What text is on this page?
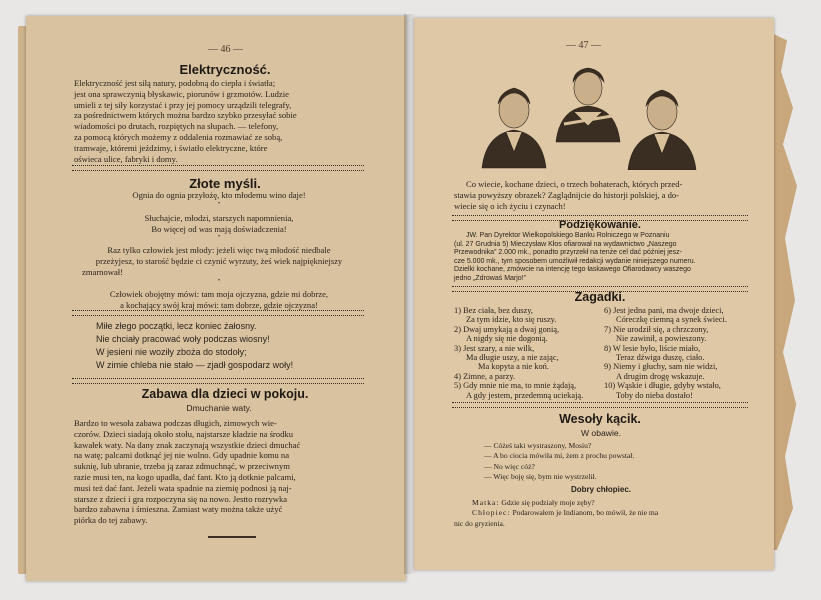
— 46 —
Elektryczność.
Elektryczność jest siłą natury, podobną do ciepła i światła;
jest ona sprawczynią błyskawic, piorunów i grzmotów. Ludzie
umieli z tej siły korzystać i przy jej pomocy urządzili telegrafy,
za pośrednictwem których można bardzo szybko przesyłać sobie
wiadomości po drutach, rozpiętych na słupach. — telefony,
za pomocą których możemy z oddalenia rozmawiać ze sobą,
tramwaje, któremi jeździmy, i światło elektryczne, które
oświeca ulice, fabryki i domy.
Złote myśli.
Ognia do ognia przyłożę, kto młodemu wino daje!
•
Słuchajcie, młodzi, starszych napomnienia,
Bo więcej od was mają doświadczenia!
•
Raz tylko człowiek jest młody: jeżeli więc twą młodość niedbale
przeżyjesz, to starość będzie ci czynić wyrzuty, żeś wiek najpiękniejszy
zmarnował!
•
Człowiek obojętny mówi: tam moja ojczyzna, gdzie mi dobrze,
a kochający swój kraj mówi: tam dobrze, gdzie ojczyzna!
Miłe złego początki, lecz koniec żałosny.
Nie chciały pracować woły podczas wiosny!
W jesieni nie woziły zboża do stodoły;
W zimie chleba nie stało — zjadł gospodarz woły!
Zabawa dla dzieci w pokoju.
Dmuchanie waty.
Bardzo to wesoła zabawa podczas długich, zimowych wie-
czorów. Dzieci siadają około stołu, najstarsze kładzie na środku
kawałek waty. Na dany znak zaczynają wszystkie dzieci dmuchać
na watę; palcami dotknąć jej nie wolno. Gdy upadnie komu na
suknię, lub ubranie, trzeba ją zaraz zdmuchnąć, w przeciwnym
razie musi ten, na kogo upadła, dać fant. Kto ją dotknie palcami,
musi też dać fant. Jeżeli wata spadnie na ziemię podnosi ją naj-
starsze z dzieci i gra rozpoczyna się na nowo. Jestto rozrywka
bardzo zabawna i śmieszna. Zamiast waty można także użyć
piórka do tej zabawy.
— 47 —
Co wiecie, kochane dzieci, o trzech bohaterach, których przed-
stawia powyższy obrazek? Zaglądnijcie do historji polskiej, a do-
wiecie się o ich życiu i czynach!
Podziękowanie.
JW. Pan Dyrektor Wielkopolskiego Banku Rolniczego w Poznaniu
(ul. 27 Grudnia 5) Mieczysław Kłos ofiarował na wydawnictwo „Naszego
Przewodnika” 2.000 mk., ponadto przyrzekł na tenże cel dać później jesz-
cze 5.000 mk., tym sposobem umożliwił redakcji wydanie niniejszego numeru.
Dzielki kochane, zmówcie na intencję tego łaskawego Ofiarodawcy waszego
jedno „Zdrowaś Marjo!”
Zagadki.
1) Bez ciała, bez duszy,
Za tym idzie, kto się ruszy.
2) Dwaj umykają a dwaj gonią,
A nigdy się nie dogonią.
3) Jest szary, a nie wilk,
Ma długie uszy, a nie zając,
Ma kopyta a nie koń.
4) Zimne, a parzy.
5) Gdy mnie nie ma, to mnie żądają,
A gdy jestem, przedemną uciekają.
6) Jest jedna pani, ma dwoje dzieci,
Córeczkę ciemną a synek świeci.
7) Nie urodził się, a chrzczony,
Nie zawinił, a powieszony.
8) W lesie było, liście miało,
Teraz dźwiga duszę, ciało.
9) Niemy i głuchy, sam nie widzi,
A drugim drogę wskazuje.
10) Wąskie i długie, gdyby wstało,
Toby do nieba dostało!
Wesoły kącik.
W obawie.
— Cóżeś taki wystraszony, Mosiu?
— A bo ciocia mówiła mi, żem z prochu powstał.
— No więc cóż?
— Więc boję się, bym nie wystrzelił.
Dobry chłopiec.
Matka: Gdzie się podziały moje zęby?
Chłopiec: Podarowałem je Indianom, bo mówił, że nie ma
nic do gryzienia.
